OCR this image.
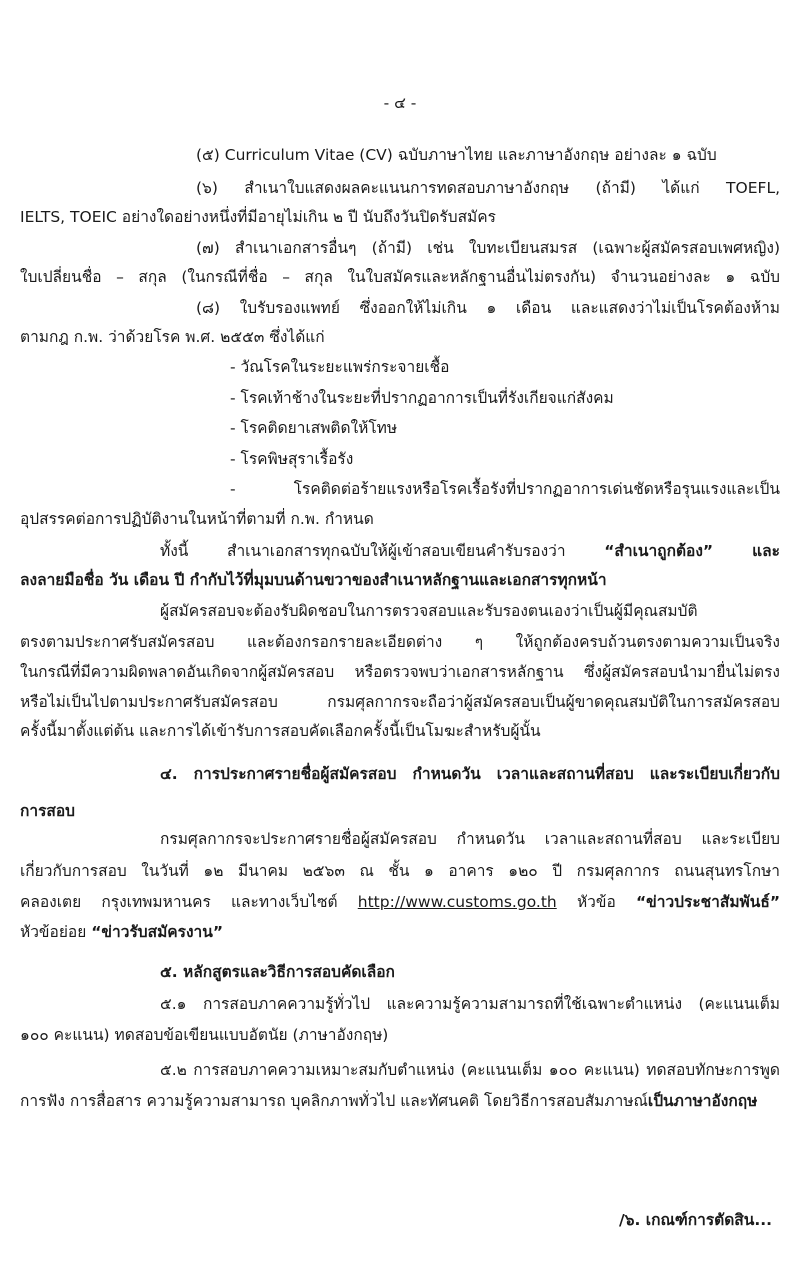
- ๔ -
(๕) Curriculum Vitae (CV) ฉบับภาษาไทย และภาษาอังกฤษ อย่างละ ๑ ฉบับ
(๖) สำเนาใบแสดงผลคะแนนการทดสอบภาษาอังกฤษ (ถ้ามี) ได้แก่ TOEFL,
IELTS, TOEIC อย่างใดอย่างหนึ่งที่มีอายุไม่เกิน ๒ ปี นับถึงวันปิดรับสมัคร
(๗) สำเนาเอกสารอื่นๆ (ถ้ามี) เช่น ใบทะเบียนสมรส (เฉพาะผู้สมัครสอบเพศหญิง)
ใบเปลี่ยนชื่อ – สกุล (ในกรณีที่ชื่อ – สกุล ในใบสมัครและหลักฐานอื่นไม่ตรงกัน) จำนวนอย่างละ ๑ ฉบับ
(๘) ใบรับรองแพทย์ ซึ่งออกให้ไม่เกิน ๑ เดือน และแสดงว่าไม่เป็นโรคต้องห้าม
ตามกฎ ก.พ. ว่าด้วยโรค พ.ศ. ๒๕๕๓ ซึ่งได้แก่
- วัณโรคในระยะแพร่กระจายเชื้อ
- โรคเท้าช้างในระยะที่ปรากฏอาการเป็นที่รังเกียจแก่สังคม
- โรคติดยาเสพติดให้โทษ
- โรคพิษสุราเรื้อรัง
- โรคติดต่อร้ายแรงหรือโรคเรื้อรังที่ปรากฏอาการเด่นชัดหรือรุนแรงและเป็น
อุปสรรคต่อการปฏิบัติงานในหน้าที่ตามที่ ก.พ. กำหนด
ทั้งนี้ สำเนาเอกสารทุกฉบับให้ผู้เข้าสอบเขียนคำรับรองว่า “สำเนาถูกต้อง” และ
ลงลายมือชื่อ วัน เดือน ปี กำกับไว้ที่มุมบนด้านขวาของสำเนาหลักฐานและเอกสารทุกหน้า
ผู้สมัครสอบจะต้องรับผิดชอบในการตรวจสอบและรับรองตนเองว่าเป็นผู้มีคุณสมบัติ
ตรงตามประกาศรับสมัครสอบ และต้องกรอกรายละเอียดต่าง ๆ ให้ถูกต้องครบถ้วนตรงตามความเป็นจริง
ในกรณีที่มีความผิดพลาดอันเกิดจากผู้สมัครสอบ หรือตรวจพบว่าเอกสารหลักฐาน ซึ่งผู้สมัครสอบนำมายื่นไม่ตรง
หรือไม่เป็นไปตามประกาศรับสมัครสอบ กรมศุลกากรจะถือว่าผู้สมัครสอบเป็นผู้ขาดคุณสมบัติในการสมัครสอบ
ครั้งนี้มาตั้งแต่ต้น และการได้เข้ารับการสอบคัดเลือกครั้งนี้เป็นโมฆะสำหรับผู้นั้น
๔. การประกาศรายชื่อผู้สมัครสอบ กำหนดวัน เวลาและสถานที่สอบ และระเบียบเกี่ยวกับ
การสอบ
กรมศุลกากรจะประกาศรายชื่อผู้สมัครสอบ กำหนดวัน เวลาและสถานที่สอบ และระเบียบ
เกี่ยวกับการสอบ ในวันที่ ๑๒ มีนาคม ๒๕๖๓ ณ ชั้น ๑ อาคาร ๑๒๐ ปี กรมศุลกากร ถนนสุนทรโกษา
คลองเตย กรุงเทพมหานคร และทางเว็บไซต์ http://www.customs.go.th หัวข้อ “ข่าวประชาสัมพันธ์”
หัวข้อย่อย “ข่าวรับสมัครงาน”
๕. หลักสูตรและวิธีการสอบคัดเลือก
๕.๑ การสอบภาคความรู้ทั่วไป และความรู้ความสามารถที่ใช้เฉพาะตำแหน่ง (คะแนนเต็ม
๑๐๐ คะแนน) ทดสอบข้อเขียนแบบอัตนัย (ภาษาอังกฤษ)
๕.๒ การสอบภาคความเหมาะสมกับตำแหน่ง (คะแนนเต็ม ๑๐๐ คะแนน) ทดสอบทักษะการพูด
การฟัง การสื่อสาร ความรู้ความสามารถ บุคลิกภาพทั่วไป และทัศนคติ โดยวิธีการสอบสัมภาษณ์เป็นภาษาอังกฤษ
/๖. เกณฑ์การตัดสิน...
